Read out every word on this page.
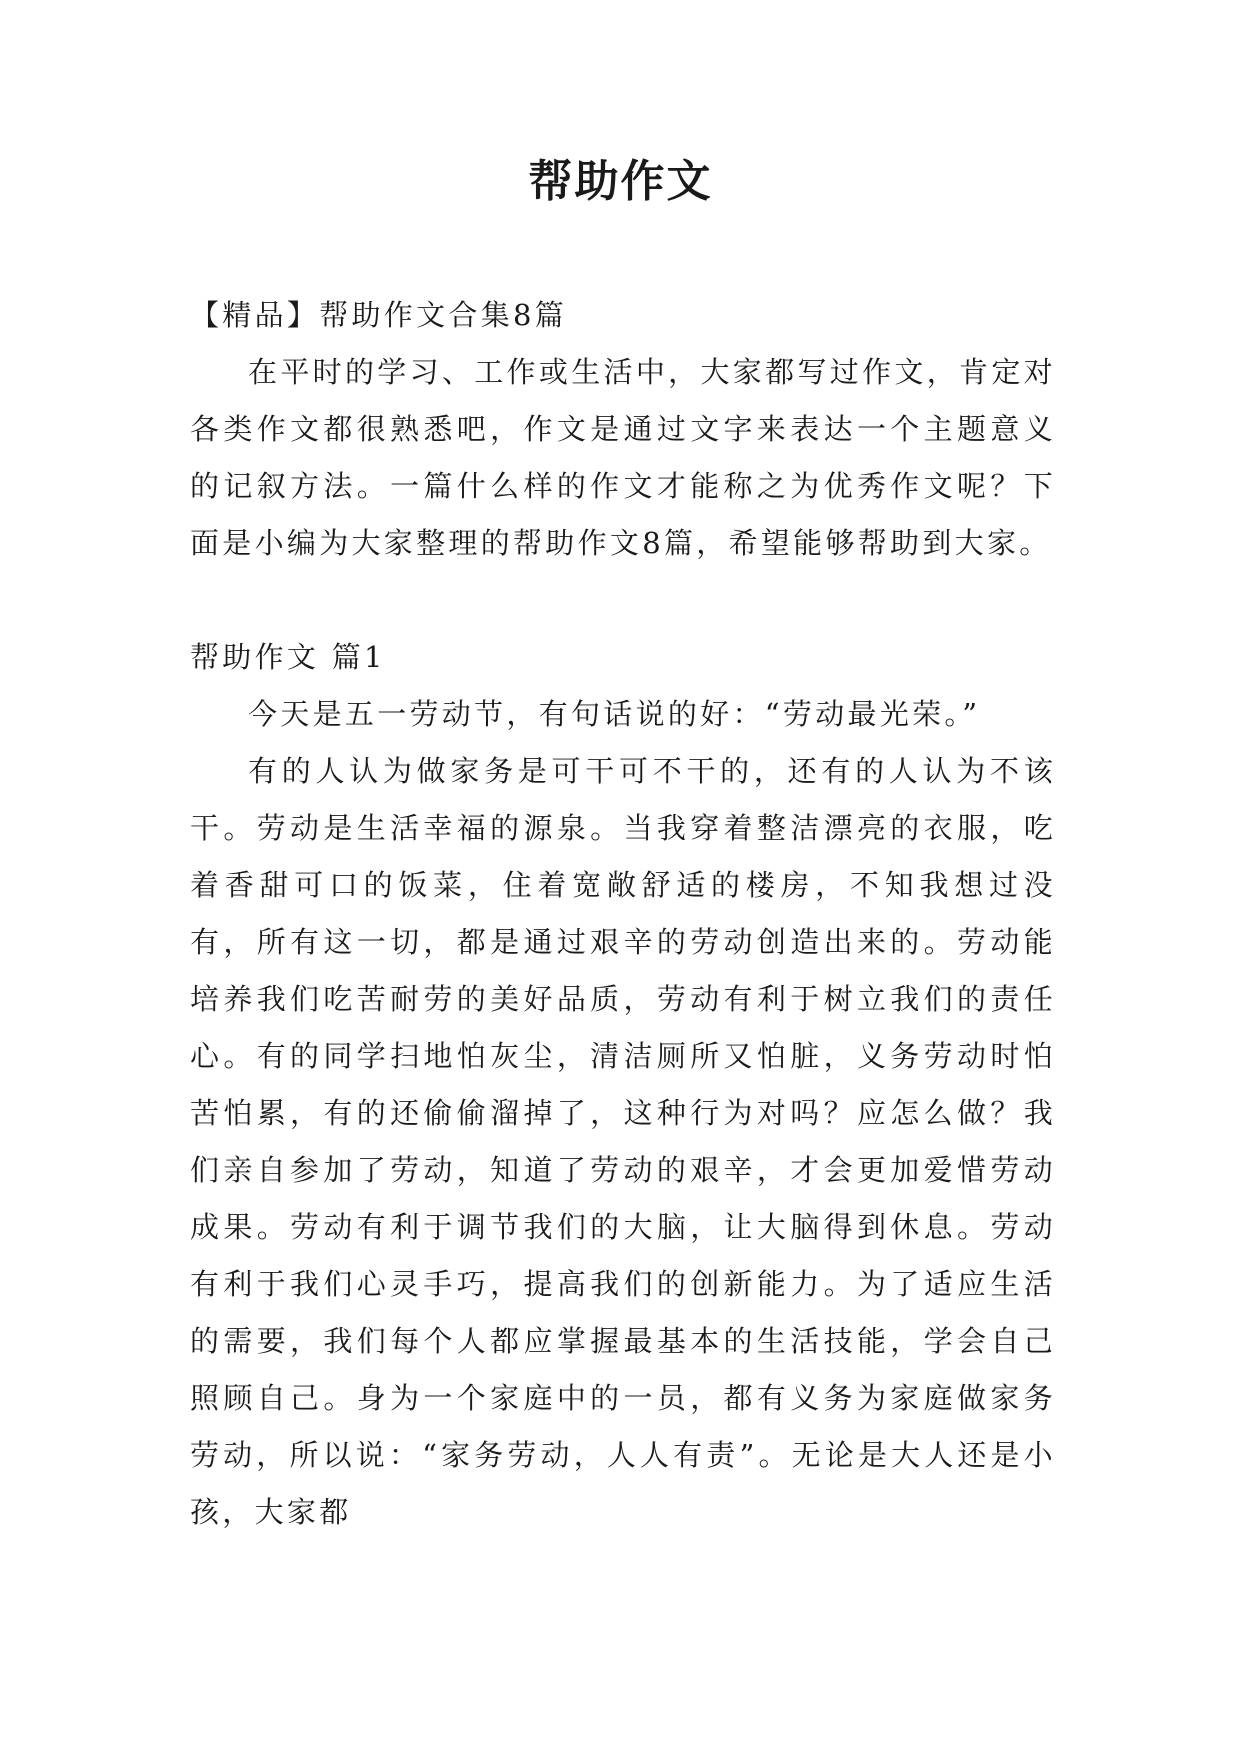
帮助作文

【精品】帮助作文合集8篇

在平时的学习、工作或生活中，大家都写过作文，肯定对各类作文都很熟悉吧，作文是通过文字来表达一个主题意义的记叙方法。一篇什么样的作文才能称之为优秀作文呢？下面是小编为大家整理的帮助作文8篇，希望能够帮助到大家。

帮助作文 篇1

今天是五一劳动节，有句话说的好：“劳动最光荣。”

有的人认为做家务是可干可不干的，还有的人认为不该干。劳动是生活幸福的源泉。当我穿着整洁漂亮的衣服，吃着香甜可口的饭菜，住着宽敞舒适的楼房，不知我想过没有，所有这一切，都是通过艰辛的劳动创造出来的。劳动能培养我们吃苦耐劳的美好品质，劳动有利于树立我们的责任心。有的同学扫地怕灰尘，清洁厕所又怕脏，义务劳动时怕苦怕累，有的还偷偷溜掉了，这种行为对吗？应怎么做？我们亲自参加了劳动，知道了劳动的艰辛，才会更加爱惜劳动成果。劳动有利于调节我们的大脑，让大脑得到休息。劳动有利于我们心灵手巧，提高我们的创新能力。为了适应生活的需要，我们每个人都应掌握最基本的生活技能，学会自己照顾自己。身为一个家庭中的一员，都有义务为家庭做家务劳动，所以说：“家务劳动，人人有责”。无论是大人还是小孩，大家都
